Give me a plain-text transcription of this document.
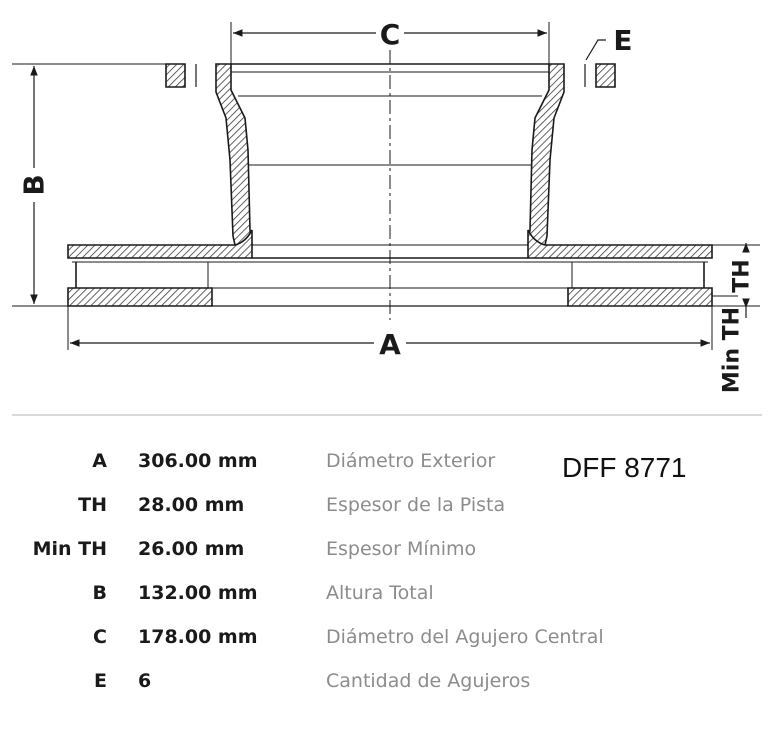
C	E
B
A
TH
Min TH
DFF 8771
A 306.00 mm	Diámetro Exterior
TH 28.00 mm	Espesor de la Pista
Min TH 26.00 mm	Espesor Mínimo
B 132.00 mm	Altura Total
C 178.00 mm	Diámetro del Agujero Central
E 6	Cantidad de Agujeros
